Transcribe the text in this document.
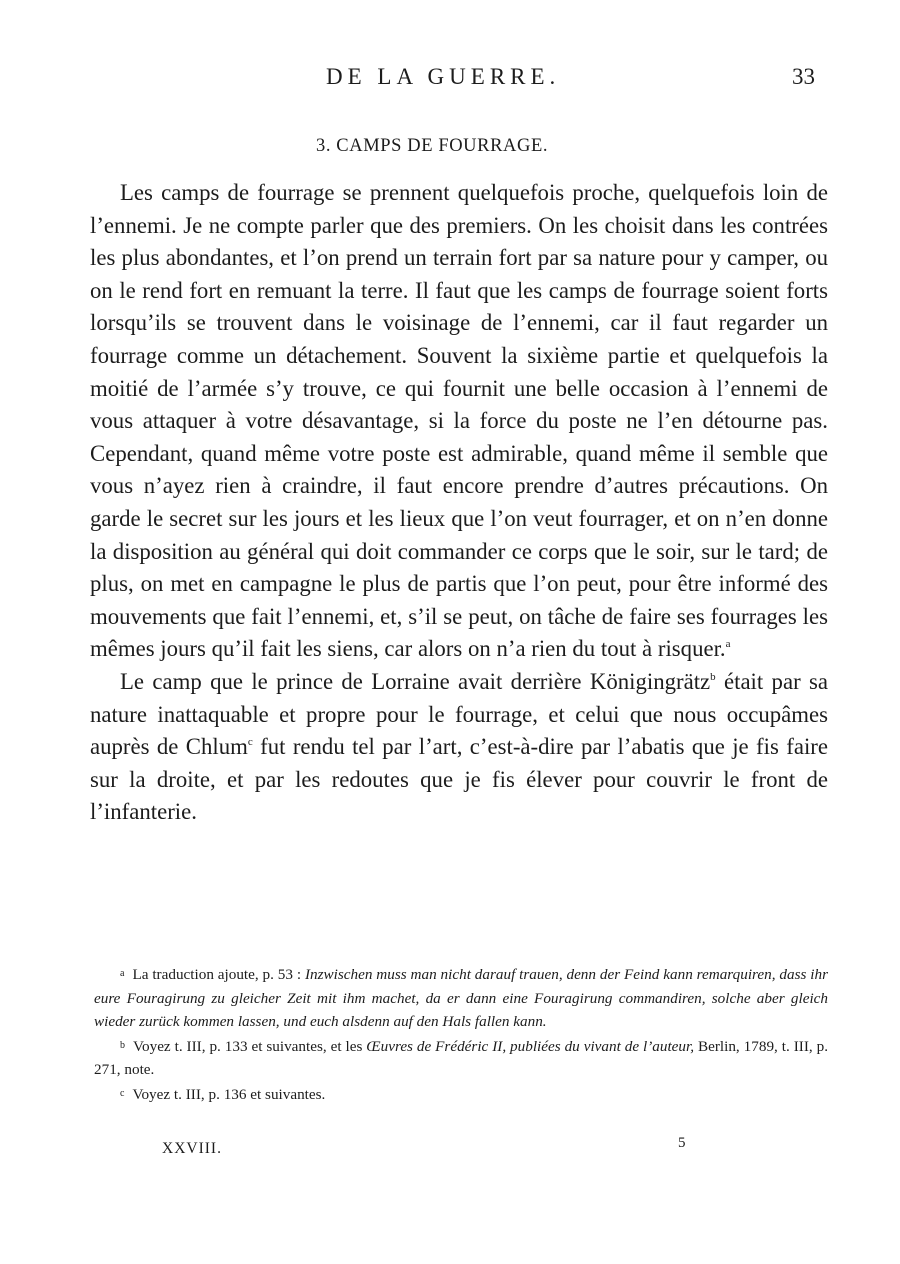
DE LA GUERRE.	33
3. CAMPS DE FOURRAGE.

Les camps de fourrage se prennent quelquefois proche, quelquefois loin de l’ennemi. Je ne compte parler que des premiers. On les choisit dans les contrées les plus abondantes, et l’on prend un terrain fort par sa nature pour y camper, ou on le rend fort en remuant la terre. Il faut que les camps de fourrage soient forts lorsqu’ils se trouvent dans le voisinage de l’ennemi, car il faut regarder un fourrage comme un détachement. Souvent la sixième partie et quelquefois la moitié de l’armée s’y trouve, ce qui fournit une belle occasion à l’ennemi de vous attaquer à votre désavantage, si la force du poste ne l’en détourne pas. Cependant, quand même votre poste est admirable, quand même il semble que vous n’ayez rien à craindre, il faut encore prendre d’autres précautions. On garde le secret sur les jours et les lieux que l’on veut fourrager, et on n’en donne la disposition au général qui doit commander ce corps que le soir, sur le tard; de plus, on met en campagne le plus de partis que l’on peut, pour être informé des mouvements que fait l’ennemi, et, s’il se peut, on tâche de faire ses fourrages les mêmes jours qu’il fait les siens, car alors on n’a rien du tout à risquer.$^a$

Le camp que le prince de Lorraine avait derrière Königingrätz$^b$ était par sa nature inattaquable et propre pour le fourrage, et celui que nous occupâmes auprès de Chlum$^c$ fut rendu tel par l’art, c’est-à-dire par l’abatis que je fis faire sur la droite, et par les redoutes que je fis élever pour couvrir le front de l’infanterie.

a La traduction ajoute, p. 53 : Inzwischen muss man nicht darauf trauen, denn der Feind kann remarquiren, dass ihr eure Fouragirung zu gleicher Zeit mit ihm machet, da er dann eine Fouragirung commandiren, solche aber gleich wieder zurück kommen lassen, und euch alsdenn auf den Hals fallen kann.

b Voyez t. III, p. 133 et suivantes, et les Œuvres de Frédéric II, publiées du vivant de l’auteur, Berlin, 1789, t. III, p. 271, note.

c Voyez t. III, p. 136 et suivantes.

XXVIII.	5
